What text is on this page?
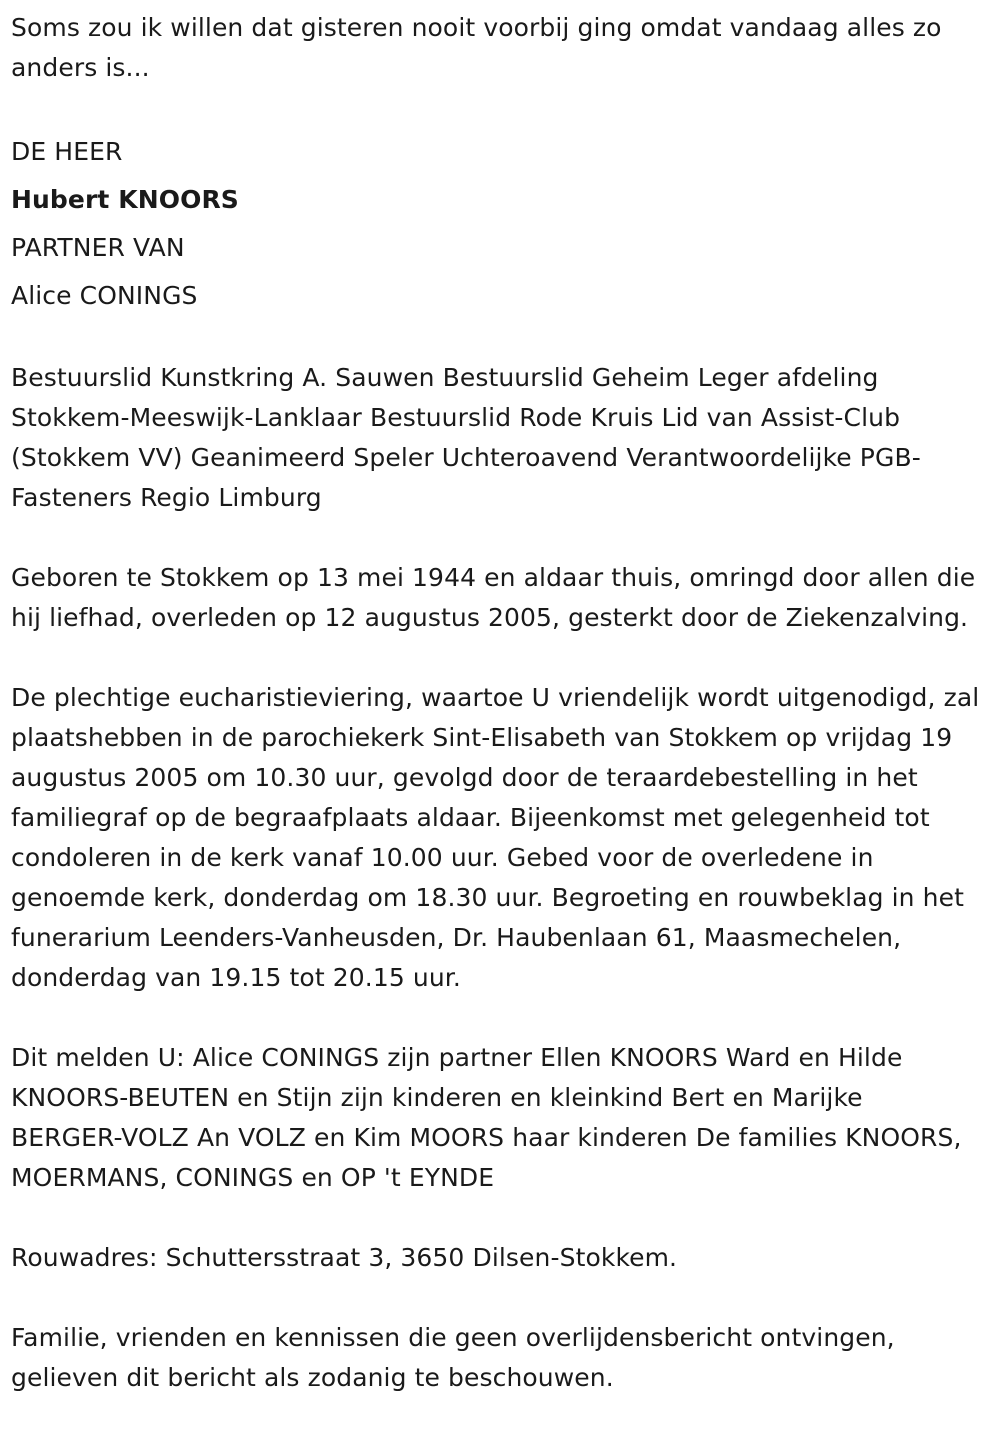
Soms zou ik willen dat gisteren nooit voorbij ging omdat vandaag alles zo anders is...

DE HEER

Hubert KNOORS

PARTNER VAN

Alice CONINGS

Bestuurslid Kunstkring A. Sauwen Bestuurslid Geheim Leger afdeling Stokkem-Meeswijk-Lanklaar Bestuurslid Rode Kruis Lid van Assist-Club (Stokkem VV) Geanimeerd Speler Uchteroavend Verantwoordelijke PGB-Fasteners Regio Limburg

Geboren te Stokkem op 13 mei 1944 en aldaar thuis, omringd door allen die hij liefhad, overleden op 12 augustus 2005, gesterkt door de Ziekenzalving.

De plechtige eucharistieviering, waartoe U vriendelijk wordt uitgenodigd, zal plaatshebben in de parochiekerk Sint-Elisabeth van Stokkem op vrijdag 19 augustus 2005 om 10.30 uur, gevolgd door de teraardebestelling in het familiegraf op de begraafplaats aldaar. Bijeenkomst met gelegenheid tot condoleren in de kerk vanaf 10.00 uur. Gebed voor de overledene in genoemde kerk, donderdag om 18.30 uur. Begroeting en rouwbeklag in het funerarium Leenders-Vanheusden, Dr. Haubenlaan 61, Maasmechelen, donderdag van 19.15 tot 20.15 uur.

Dit melden U: Alice CONINGS zijn partner Ellen KNOORS Ward en Hilde KNOORS-BEUTEN en Stijn zijn kinderen en kleinkind Bert en Marijke BERGER-VOLZ An VOLZ en Kim MOORS haar kinderen De families KNOORS, MOERMANS, CONINGS en OP 't EYNDE

Rouwadres: Schuttersstraat 3, 3650 Dilsen-Stokkem.

Familie, vrienden en kennissen die geen overlijdensbericht ontvingen, gelieven dit bericht als zodanig te beschouwen.
